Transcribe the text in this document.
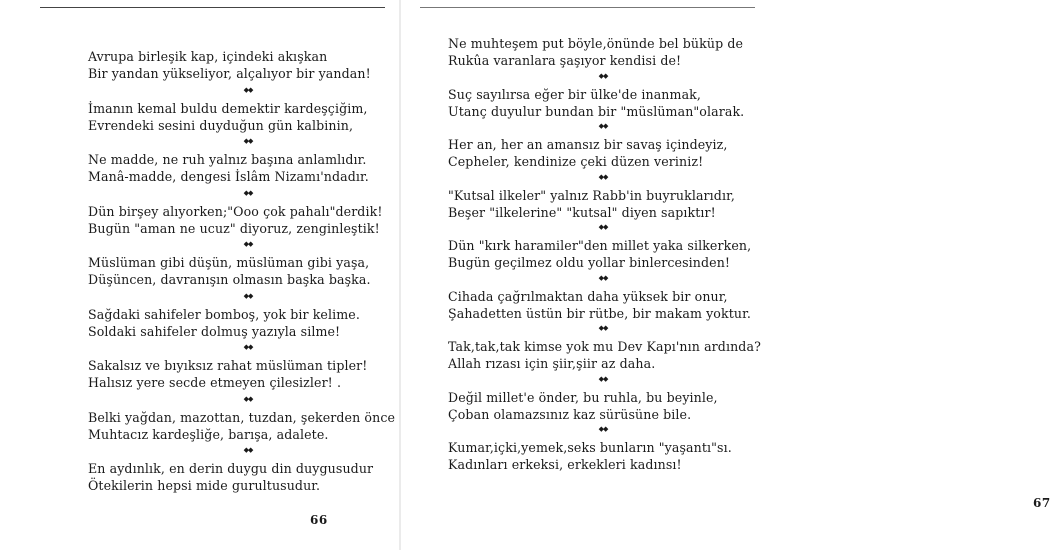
Avrupa birleşik kap, içindeki akışkan
Bir yandan yükseliyor, alçalıyor bir yandan!
◆◆
İmanın kemal buldu demektir kardeşçiğim,
Evrendeki sesini duyduğun gün kalbinin,
◆◆
Ne madde, ne ruh yalnız başına anlamlıdır.
Manâ-madde, dengesi İslâm Nizamı'ndadır.
◆◆
Dün birşey alıyorken;"Ooo çok pahalı"derdik!
Bugün "aman ne ucuz" diyoruz, zenginleştik!
◆◆
Müslüman gibi düşün, müslüman gibi yaşa,
Düşüncen, davranışın olmasın başka başka.
◆◆
Sağdaki sahifeler bomboş, yok bir kelime.
Soldaki sahifeler dolmuş yazıyla silme!
◆◆
Sakalsız ve bıyıksız rahat müslüman tipler!
Halısız yere secde etmeyen çilesizler! .
◆◆
Belki yağdan, mazottan, tuzdan, şekerden önce
Muhtacız kardeşliğe, barışa, adalete.
◆◆
En aydınlık, en derin duygu din duygusudur
Ötekilerin hepsi mide gurultusudur.
66
Ne muhteşem put böyle,önünde bel büküp de
Rukûa varanlara şaşıyor kendisi de!
◆◆
Suç sayılırsa eğer bir ülke'de inanmak,
Utanç duyulur bundan bir "müslüman"olarak.
◆◆
Her an, her an amansız bir savaş içindeyiz,
Cepheler, kendinize çeki düzen veriniz!
◆◆
"Kutsal ilkeler" yalnız Rabb'in buyruklarıdır,
Beşer "ilkelerine" "kutsal" diyen sapıktır!
◆◆
Dün "kırk haramiler"den millet yaka silkerken,
Bugün geçilmez oldu yollar binlercesinden!
◆◆
Cihada çağrılmaktan daha yüksek bir onur,
Şahadetten üstün bir rütbe, bir makam yoktur.
◆◆
Tak,tak,tak kimse yok mu Dev Kapı'nın ardında?
Allah rızası için şiir,şiir az daha.
◆◆
Değil millet'e önder, bu ruhla, bu beyinle,
Çoban olamazsınız kaz sürüsüne bile.
◆◆
Kumar,içki,yemek,seks bunların "yaşantı"sı.
Kadınları erkeksi, erkekleri kadınsı!
67
